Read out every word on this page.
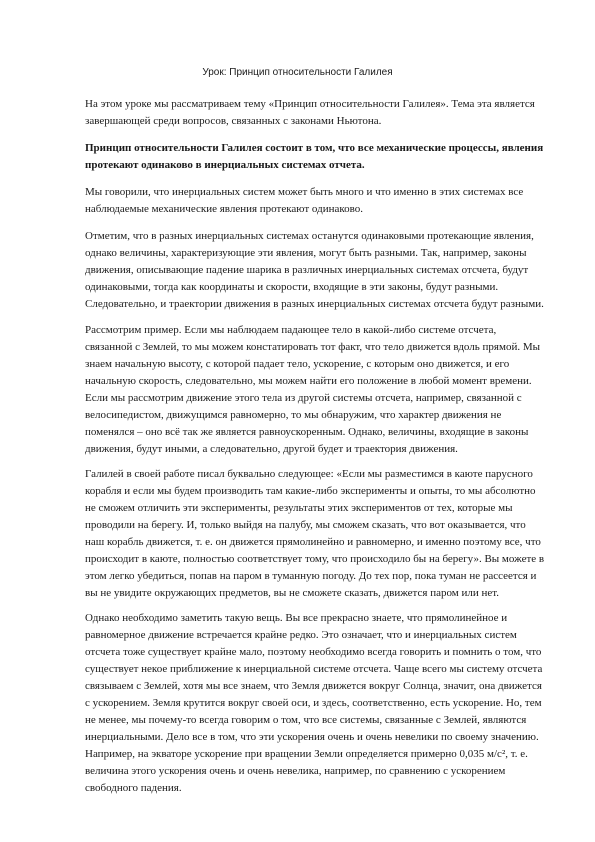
Урок: Принцип относительности Галилея

На этом уроке мы рассматриваем тему «Принцип относительности Галилея». Тема эта является завершающей среди вопросов, связанных с законами Ньютона.

Принцип относительности Галилея состоит в том, что все механические процессы, явления протекают одинаково в инерциальных системах отчета.

Мы говорили, что инерциальных систем может быть много и что именно в этих системах все наблюдаемые механические явления протекают одинаково.

Отметим, что в разных инерциальных системах останутся одинаковыми протекающие явления, однако величины, характеризующие эти явления, могут быть разными. Так, например, законы движения, описывающие падение шарика в различных инерциальных системах отсчета, будут одинаковыми, тогда как координаты и скорости, входящие в эти законы, будут разными. Следовательно, и траектории движения в разных инерциальных системах отсчета будут разными.

Рассмотрим пример. Если мы наблюдаем падающее тело в какой-либо системе отсчета, связанной с Землей, то мы можем констатировать тот факт, что тело движется вдоль прямой. Мы знаем начальную высоту, с которой падает тело, ускорение, с которым оно движется, и его начальную скорость, следовательно, мы можем найти его положение в любой момент времени. Если мы рассмотрим движение этого тела из другой системы отсчета, например, связанной с велосипедистом, движущимся равномерно, то мы обнаружим, что характер движения не поменялся – оно всё так же является равноускоренным. Однако, величины, входящие в законы движения, будут иными, а следовательно, другой будет и траектория движения.

Галилей в своей работе писал буквально следующее: «Если мы разместимся в каюте парусного корабля и если мы будем производить там какие-либо эксперименты и опыты, то мы абсолютно не сможем отличить эти эксперименты, результаты этих экспериментов от тех, которые мы проводили на берегу. И, только выйдя на палубу, мы сможем сказать, что вот оказывается, что наш корабль движется, т. е. он движется прямолинейно и равномерно, и именно поэтому все, что происходит в каюте, полностью соответствует тому, что происходило бы на берегу». Вы можете в этом легко убедиться, попав на паром в туманную погоду. До тех пор, пока туман не рассеется и вы не увидите окружающих предметов, вы не сможете сказать, движется паром или нет.

Однако необходимо заметить такую вещь. Вы все прекрасно знаете, что прямолинейное и равномерное движение встречается крайне редко. Это означает, что и инерциальных систем отсчета тоже существует крайне мало, поэтому необходимо всегда говорить и помнить о том, что существует некое приближение к инерциальной системе отсчета. Чаще всего мы систему отсчета связываем с Землей, хотя мы все знаем, что Земля движется вокруг Солнца, значит, она движется с ускорением. Земля крутится вокруг своей оси, и здесь, соответственно, есть ускорение. Но, тем не менее, мы почему-то всегда говорим о том, что все системы, связанные с Землей, являются инерциальными. Дело все в том, что эти ускорения очень и очень невелики по своему значению. Например, на экваторе ускорение при вращении Земли определяется примерно 0,035 м/с², т. е. величина этого ускорения очень и очень невелика, например, по сравнению с ускорением свободного падения.
